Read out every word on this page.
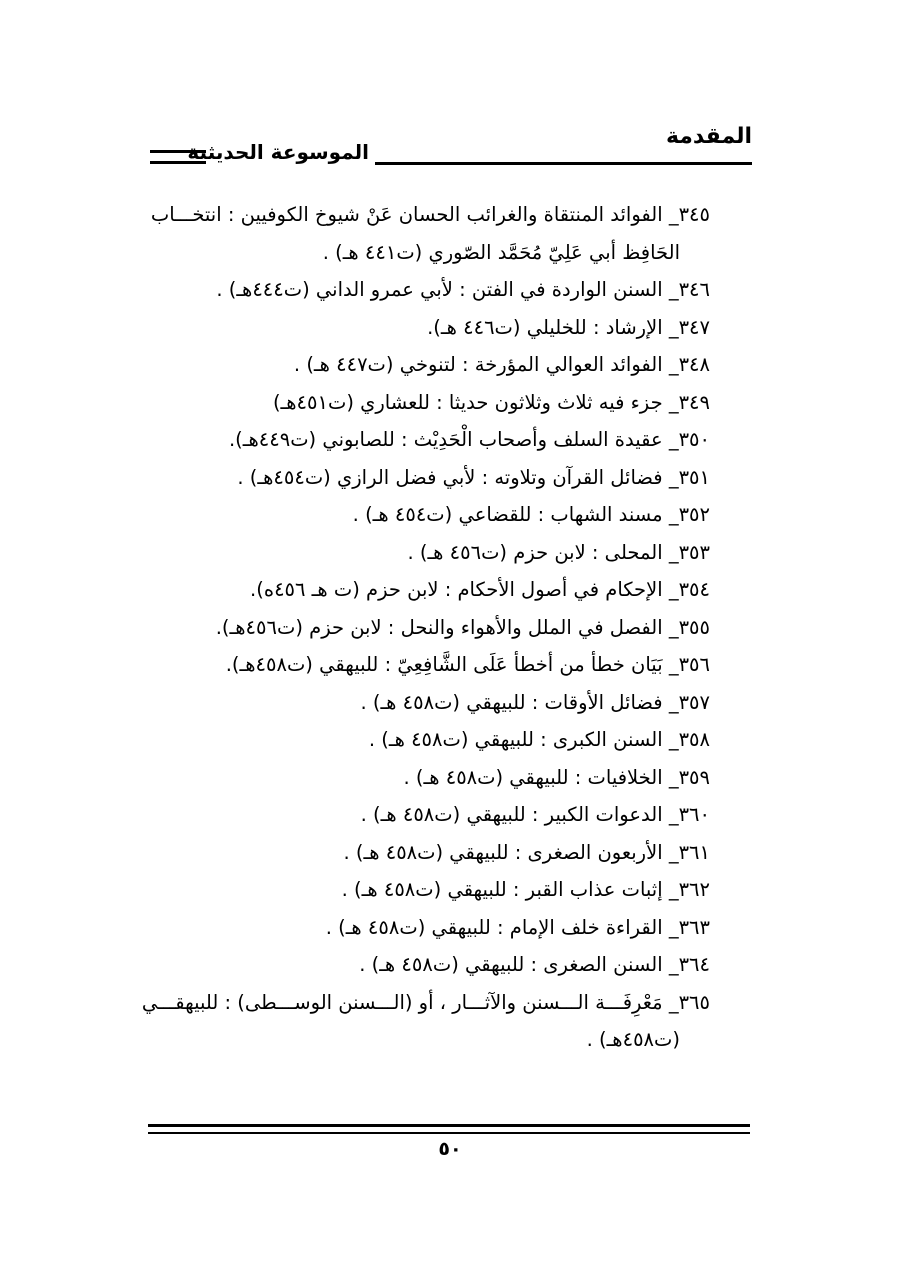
المقدمة
الموسوعة الحديثية
٣٤٥_ الفوائد المنتقاة والغرائب الحسان عَنْ شيوخ الكوفيين : انتخـــاب
الحَافِظ أبي عَلِيّ مُحَمَّد الصّوري (ت٤٤١ هـ) .
٣٤٦_ السنن الواردة في الفتن : لأبي عمرو الداني (ت٤٤٤هـ) .
٣٤٧_ الإرشاد : للخليلي (ت٤٤٦ هـ).
٣٤٨_ الفوائد العوالي المؤرخة : لتنوخي (ت٤٤٧ هـ) .
٣٤٩_ جزء فيه ثلاث وثلاثون حديثا : للعشاري (ت٤٥١هـ)
٣٥٠_ عقيدة السلف وأصحاب الْحَدِيْث : للصابوني (ت٤٤٩هـ).
٣٥١_ فضائل القرآن وتلاوته : لأبي فضل الرازي (ت٤٥٤هـ) .
٣٥٢_ مسند الشهاب : للقضاعي (ت٤٥٤ هـ) .
٣٥٣_ المحلى : لابن حزم (ت٤٥٦ هـ) .
٣٥٤_ الإحكام في أصول الأحكام : لابن حزم (ت هـ ٤٥٦ه).
٣٥٥_ الفصل في الملل والأهواء والنحل : لابن حزم (ت٤٥٦هـ).
٣٥٦_ بَيَان خطأ من أخطأ عَلَى الشَّافِعِيّ : للبيهقي (ت٤٥٨هـ).
٣٥٧_ فضائل الأوقات : للبيهقي (ت٤٥٨ هـ) .
٣٥٨_ السنن الكبرى : للبيهقي (ت٤٥٨ هـ) .
٣٥٩_ الخلافيات : للبيهقي (ت٤٥٨ هـ) .
٣٦٠_ الدعوات الكبير : للبيهقي (ت٤٥٨ هـ) .
٣٦١_ الأربعون الصغرى : للبيهقي (ت٤٥٨ هـ) .
٣٦٢_ إثبات عذاب القبر : للبيهقي (ت٤٥٨ هـ) .
٣٦٣_ القراءة خلف الإمام : للبيهقي (ت٤٥٨ هـ) .
٣٦٤_ السنن الصغرى : للبيهقي (ت٤٥٨ هـ) .
٣٦٥_ مَعْرِفَـــة الـــسنن والآثـــار ، أو (الـــسنن الوســـطى) : للبيهقـــي
(ت٤٥٨هـ) .
٥٠
